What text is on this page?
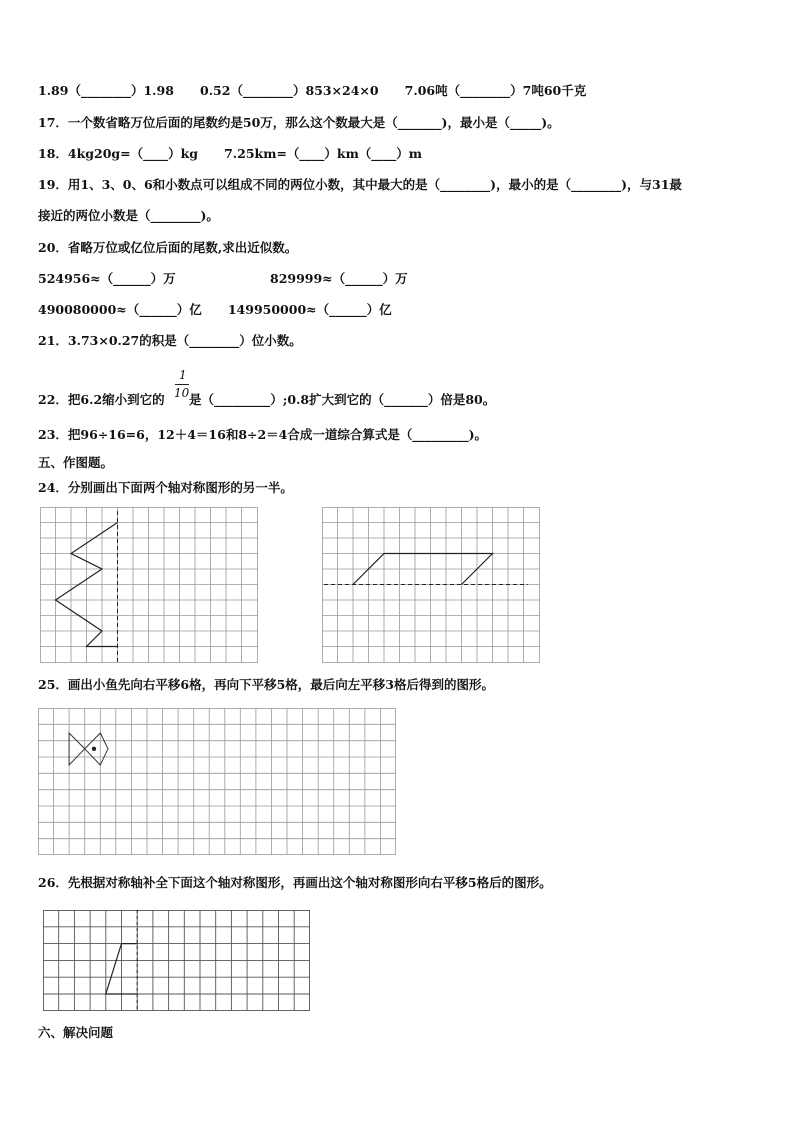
1.89（________）1.98      0.52（________）853×24×0      7.06吨（________）7吨60千克
17．一个数省略万位后面的尾数约是50万，那么这个数最大是（_______)，最小是（_____)。
18．4kg20g=（____）kg      7.25km=（____）km（____）m
19．用1、3、0、6和小数点可以组成不同的两位小数，其中最大的是（________)，最小的是（________)，与31最
接近的两位小数是（________)。
20．省略万位或亿位后面的尾数,求出近似数。
524956≈（______）万	829999≈（______）万
490080000≈（______）亿      149950000≈（______）亿
21．3.73×0.27的积是（________）位小数。
1
10
22．把6.2缩小到它的 是（_________）;0.8扩大到它的（_______）倍是80。
23．把96÷16=6，12＋4＝16和8÷2＝4合成一道综合算式是（_________)。
五、作图题。
24．分别画出下面两个轴对称图形的另一半。
25．画出小鱼先向右平移6格，再向下平移5格，最后向左平移3格后得到的图形。
26．先根据对称轴补全下面这个轴对称图形，再画出这个轴对称图形向右平移5格后的图形。
六、解决问题
